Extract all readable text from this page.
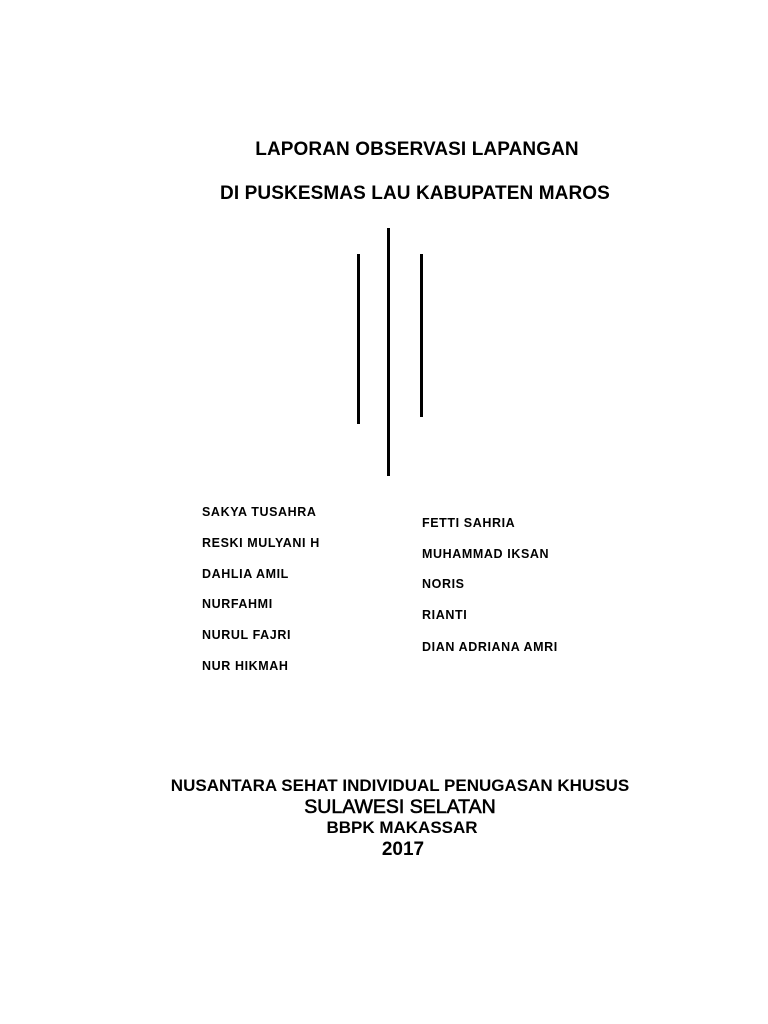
LAPORAN OBSERVASI LAPANGAN
DI PUSKESMAS LAU KABUPATEN MAROS
SAKYA TUSAHRA
RESKI MULYANI H
DAHLIA AMIL
NURFAHMI
NURUL FAJRI
NUR HIKMAH
FETTI SAHRIA
MUHAMMAD IKSAN
NORIS
RIANTI
DIAN ADRIANA AMRI
NUSANTARA SEHAT INDIVIDUAL PENUGASAN KHUSUS
SULAWESI SELATAN
BBPK MAKASSAR
2017
